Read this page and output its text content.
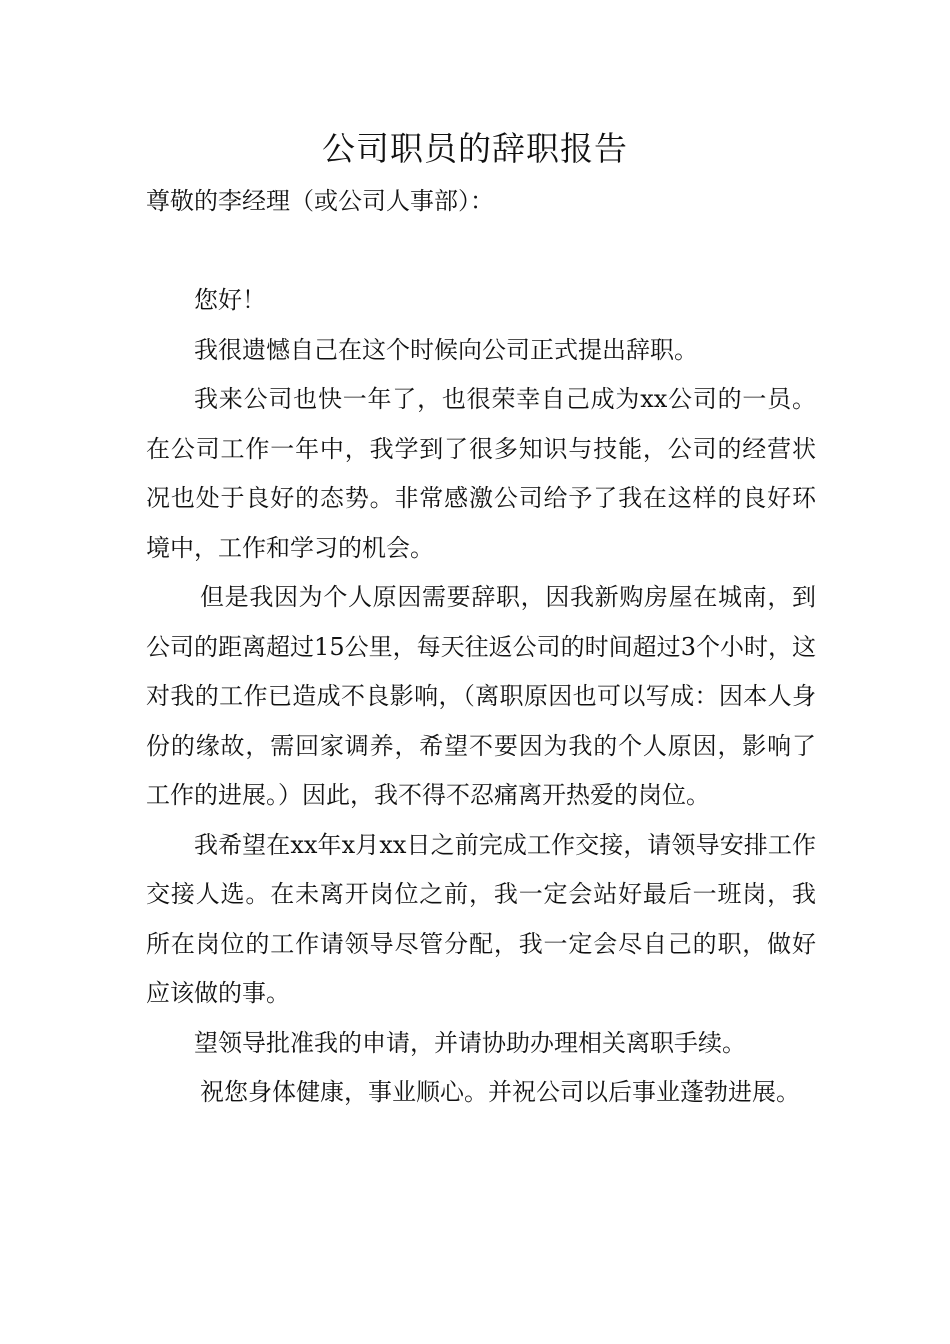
公司职员的辞职报告

尊敬的李经理（或公司人事部）：

您好！

我很遗憾自己在这个时候向公司正式提出辞职。

我来公司也快一年了，也很荣幸自己成为xx公司的一员。在公司工作一年中，我学到了很多知识与技能，公司的经营状况也处于良好的态势。非常感激公司给予了我在这样的良好环境中，工作和学习的机会。

但是我因为个人原因需要辞职，因我新购房屋在城南，到公司的距离超过15公里，每天往返公司的时间超过3个小时，这对我的工作已造成不良影响，（离职原因也可以写成：因本人身份的缘故，需回家调养，希望不要因为我的个人原因，影响了工作的进展。）因此，我不得不忍痛离开热爱的岗位。

我希望在xx年x月xx日之前完成工作交接，请领导安排工作交接人选。在未离开岗位之前，我一定会站好最后一班岗，我所在岗位的工作请领导尽管分配，我一定会尽自己的职，做好应该做的事。

望领导批准我的申请，并请协助办理相关离职手续。

祝您身体健康，事业顺心。并祝公司以后事业蓬勃进展。
